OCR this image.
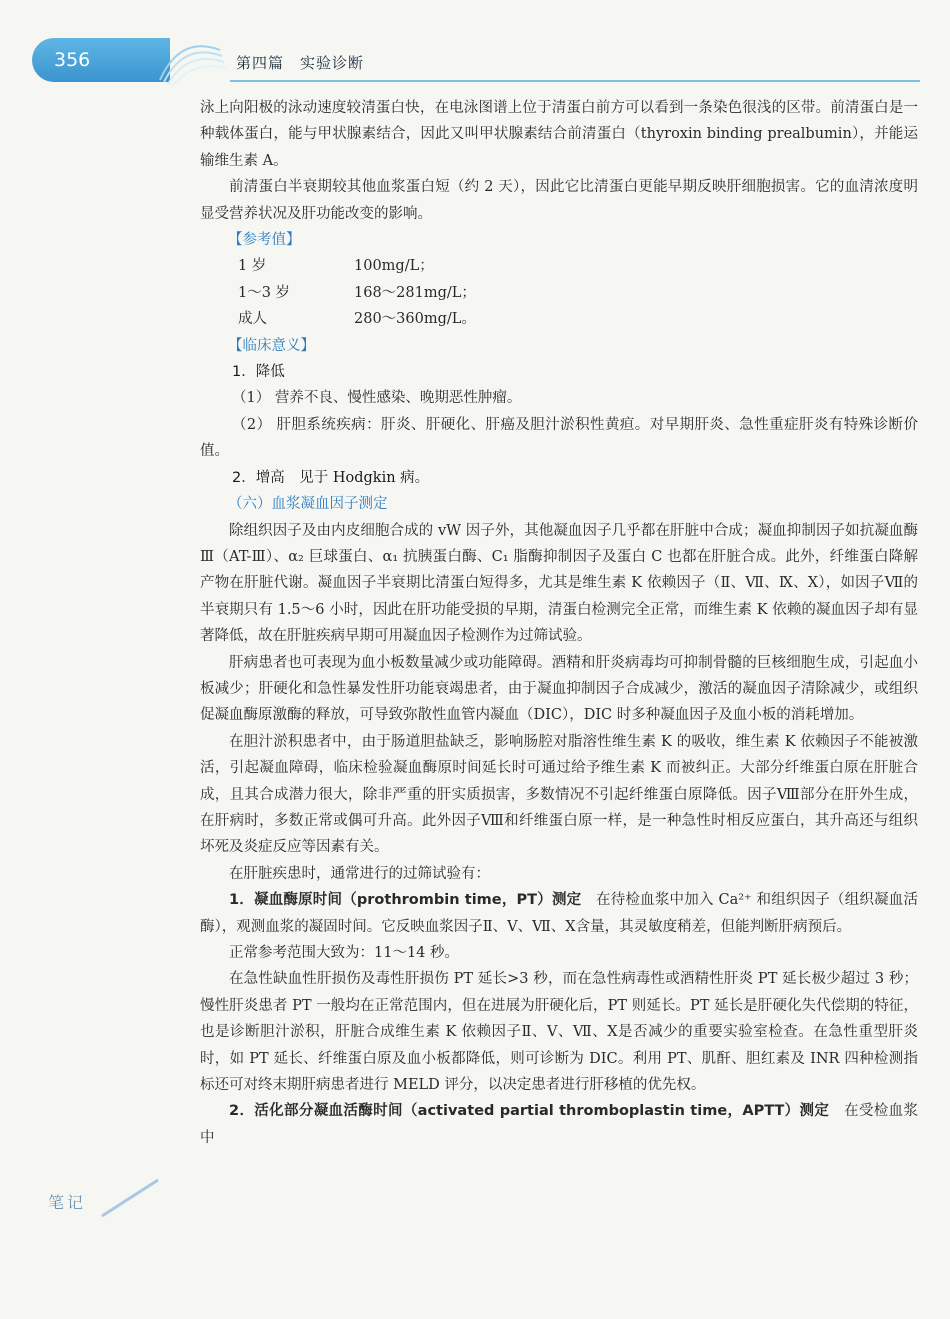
356	第四篇　实验诊断

泳上向阳极的泳动速度较清蛋白快，在电泳图谱上位于清蛋白前方可以看到一条染色很浅的区带。前清蛋白是一种载体蛋白，能与甲状腺素结合，因此又叫甲状腺素结合前清蛋白（thyroxin binding prealbumin），并能运输维生素 A。

前清蛋白半衰期较其他血浆蛋白短（约 2 天），因此它比清蛋白更能早期反映肝细胞损害。它的血清浓度明显受营养状况及肝功能改变的影响。

【参考值】

1 岁	100mg/L；
1～3 岁	168～281mg/L；
成人	280～360mg/L。

【临床意义】

1．降低

（1） 营养不良、慢性感染、晚期恶性肿瘤。

（2） 肝胆系统疾病：肝炎、肝硬化、肝癌及胆汁淤积性黄疸。对早期肝炎、急性重症肝炎有特殊诊断价值。

2．增高　见于 Hodgkin 病。

（六）血浆凝血因子测定

除组织因子及由内皮细胞合成的 vW 因子外，其他凝血因子几乎都在肝脏中合成；凝血抑制因子如抗凝血酶Ⅲ（AT-Ⅲ）、α₂ 巨球蛋白、α₁ 抗胰蛋白酶、C₁ 脂酶抑制因子及蛋白 C 也都在肝脏合成。此外，纤维蛋白降解产物在肝脏代谢。凝血因子半衰期比清蛋白短得多，尤其是维生素 K 依赖因子（Ⅱ、Ⅶ、Ⅸ、Ⅹ），如因子Ⅶ的半衰期只有 1.5～6 小时，因此在肝功能受损的早期，清蛋白检测完全正常，而维生素 K 依赖的凝血因子却有显著降低，故在肝脏疾病早期可用凝血因子检测作为过筛试验。

肝病患者也可表现为血小板数量减少或功能障碍。酒精和肝炎病毒均可抑制骨髓的巨核细胞生成，引起血小板减少；肝硬化和急性暴发性肝功能衰竭患者，由于凝血抑制因子合成减少，激活的凝血因子清除减少，或组织促凝血酶原激酶的释放，可导致弥散性血管内凝血（DIC），DIC 时多种凝血因子及血小板的消耗增加。

在胆汁淤积患者中，由于肠道胆盐缺乏，影响肠腔对脂溶性维生素 K 的吸收，维生素 K 依赖因子不能被激活，引起凝血障碍，临床检验凝血酶原时间延长时可通过给予维生素 K 而被纠正。大部分纤维蛋白原在肝脏合成，且其合成潜力很大，除非严重的肝实质损害，多数情况不引起纤维蛋白原降低。因子Ⅷ部分在肝外生成，在肝病时，多数正常或偶可升高。此外因子Ⅷ和纤维蛋白原一样，是一种急性时相反应蛋白，其升高还与组织坏死及炎症反应等因素有关。

在肝脏疾患时，通常进行的过筛试验有：

1．凝血酶原时间（prothrombin time，PT）测定　在待检血浆中加入 Ca²⁺ 和组织因子（组织凝血活酶），观测血浆的凝固时间。它反映血浆因子Ⅱ、Ⅴ、Ⅶ、Ⅹ含量，其灵敏度稍差，但能判断肝病预后。

正常参考范围大致为：11～14 秒。

在急性缺血性肝损伤及毒性肝损伤 PT 延长>3 秒，而在急性病毒性或酒精性肝炎 PT 延长极少超过 3 秒；慢性肝炎患者 PT 一般均在正常范围内，但在进展为肝硬化后，PT 则延长。PT 延长是肝硬化失代偿期的特征，也是诊断胆汁淤积，肝脏合成维生素 K 依赖因子Ⅱ、Ⅴ、Ⅶ、Ⅹ是否减少的重要实验室检查。在急性重型肝炎时，如 PT 延长、纤维蛋白原及血小板都降低，则可诊断为 DIC。利用 PT、肌酐、胆红素及 INR 四种检测指标还可对终末期肝病患者进行 MELD 评分，以决定患者进行肝移植的优先权。

2．活化部分凝血活酶时间（activated partial thromboplastin time，APTT）测定　在受检血浆中

笔记
